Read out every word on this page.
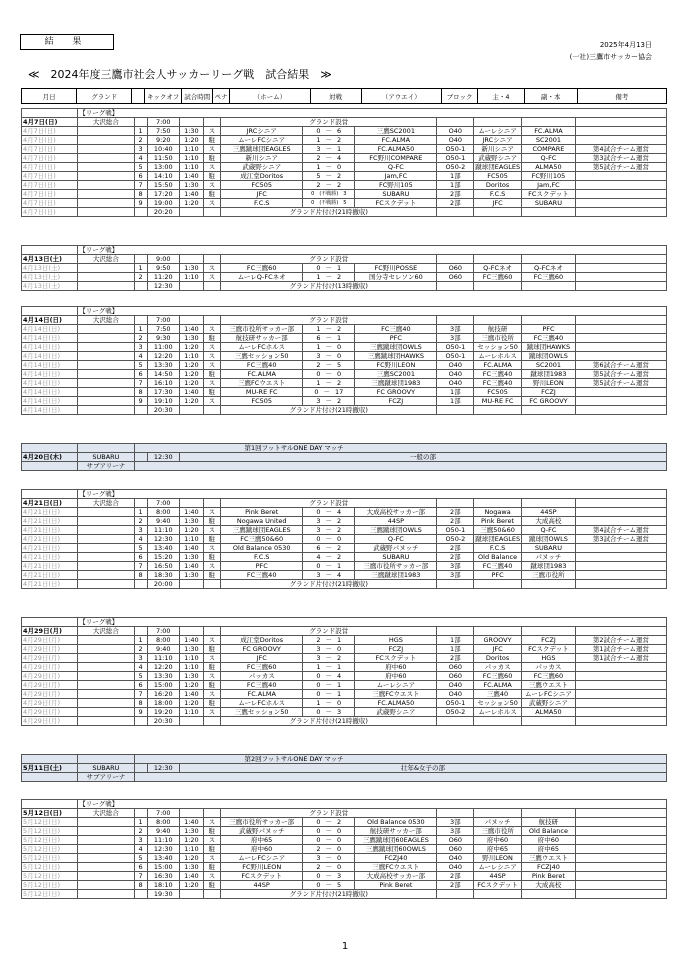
結 果	2025年4月13日
(一社)三鷹市サッカー協会
≪　2024年度三鷹市社会人サッカーリーグ戦　試合結果　≫
月日	グランド		キックオフ	試合時間	ペナ	（ホーム）	対戦	（アウエイ）	ブロック	主・4	副・本	備考
	【リーグ戦】											
4月7日(日)	大沢総合		7:00			グランド設営						
4月7日(日)		1	7:50	1:30	ス	JRCシニア	0 － 6	三鷹SC2001	O40	ムーレシニア	FC.ALMA	
4月7日(日)		2	9:20	1:20	駐	ムーレFCシニア	1 － 2	FC.ALMA	O40	JRCシニア	SC2001	
4月7日(日)		3	10:40	1:10	ス	三鷹蹴球団EAGLES	3 － 1	FC.ALMA50	O50-1	新川シニア	COMPARE	第4試合チーム運営
4月7日(日)		4	11:50	1:10	駐	新川シニア	2 － 4	FC野川COMPARE	O50-1	武蔵野シニア	Q-FC	第3試合チーム運営
4月7日(日)		5	13:00	1:10	ス	武蔵野シニア	1 － 0	Q-FC	O50-2	蹴球団EAGLES	ALMA50	第5試合チーム運営
4月7日(日)		6	14:10	1:40	駐	成江堂Doritos	5 － 2	Jam,FC	1部	FC505	FC野川105	
4月7日(日)		7	15:50	1:30	ス	FC505	2 － 2	FC野川105	1部	Doritos	Jam,FC	
4月7日(日)		8	17:20	1:40	駐	JFC	0 (不戦勝) 3	SUBARU	2部	F.C.S	FCスクデット	
4月7日(日)		9	19:00	1:20	ス	F.C.S	0 (不戦勝) 5	FCスクデット	2部	JFC	SUBARU	
4月7日(日)			20:20			グランド片付け(21時撤収)						
	【リーグ戦】											
4月13日(土)	大沢総合		9:00			グランド設営						
4月13日(土)		1	9:50	1:30	ス	FC三鷹60	0 － 1	FC野川POSSE	O60	Q-FCネオ	Q-FCネオ	
4月13日(土)		2	11:20	1:10	ス	ムーレQ-FCネオ	1 － 2	国分寺セレソン60	O60	FC三鷹60	FC三鷹60	
4月13日(土)			12:30			グランド片付け(13時撤収)						
	【リーグ戦】											
4月14日(日)	大沢総合		7:00			グランド設営						
4月14日(日)		1	7:50	1:40	ス	三鷹市役所サッカー部	1 － 2	FC三鷹40	3部	航技研	PFC	
4月14日(日)		2	9:30	1:30	駐	航技研サッカー部	6 － 1	PFC	3部	三鷹市役所	FC三鷹40	
4月14日(日)		3	11:00	1:20	ス	ムーレFCホルス	1 － 0	三鷹蹴球団OWLS	O50-1	セッション50	蹴球団HAWKS	
4月14日(日)		4	12:20	1:10	ス	三鷹セッション50	3 － 0	三鷹蹴球団HAWKS	O50-1	ムーレホルス	蹴球団OWLS	
4月14日(日)		5	13:30	1:20	ス	FC三鷹40	2 － 5	FC野川LEON	O40	FC.ALMA	SC2001	第6試合チーム運営
4月14日(日)		6	14:50	1:20	駐	FC.ALMA	0 － 0	三鷹SC2001	O40	FC三鷹40	蹴球団1983	第5試合チーム運営
4月14日(日)		7	16:10	1:20	ス	三鷹FCウエスト	1 － 2	三鷹蹴球団1983	O40	FC三鷹40	野川LEON	第5試合チーム運営
4月14日(日)		8	17:30	1:40	駐	MU-RE FC	0 － 17	FC GROOVY	1部	FC505	FCZJ	
4月14日(日)		9	19:10	1:20	ス	FC505	3 － 2	FCZJ	1部	MU-RE FC	FC GROOVY	
4月14日(日)			20:30			グランド片付け(21時撤収)						
		第1回フットサルONE DAY マッチ		
4月20日(木)	SUBARU		12:30	一般の部
	サブアリーナ			
	【リーグ戦】											
4月21日(日)	大沢総合		7:00			グランド設営						
4月21日(日)		1	8:00	1:40	ス	Pink Beret	0 － 4	大成高校サッカー部	2部	Nogawa	44SP	
4月21日(日)		2	9:40	1:30	駐	Nogawa United	3 － 2	44SP	2部	Pink Beret	大成高校	
4月21日(日)		3	11:10	1:20	ス	三鷹蹴球団EAGLES	3 － 2	三鷹蹴球団OWLS	O50-1	三鷹50&60	Q-FC	第4試合チーム運営
4月21日(日)		4	12:30	1:10	駐	FC三鷹50&60	0 － 0	Q-FC	O50-2	蹴球団EAGLES	蹴球団OWLS	第3試合チーム運営
4月21日(日)		5	13:40	1:40	ス	Old Balance 0530	6 － 2	武蔵野パヌッチ	2部	F.C.S	SUBARU	
4月21日(日)		6	15:20	1:30	駐	F.C.S	4 － 2	SUBARU	2部	Old Balance	パヌッチ	
4月21日(日)		7	16:50	1:40	ス	PFC	0 － 1	三鷹市役所サッカー部	3部	FC三鷹40	蹴球団1983	
4月21日(日)		8	18:30	1:30	駐	FC三鷹40	3 － 4	三鷹蹴球団1983	3部	PFC	三鷹市役所	
4月21日(日)			20:00			グランド片付け(21時撤収)						
	【リーグ戦】											
4月29日(月)	大沢総合		7:00			グランド設営						
4月29日(月)		1	8:00	1:40	ス	成江堂Doritos	2 － 1	HGS	1部	GROOVY	FCZJ	第2試合チーム運営
4月29日(月)		2	9:40	1:30	駐	FC GROOVY	3 － 0	FCZJ	1部	JFC	FCスクデット	第1試合チーム運営
4月29日(月)		3	11:10	1:10	ス	JFC	3 － 2	FCスクデット	2部	Doritos	HGS	第1試合チーム運営
4月29日(月)		4	12:20	1:10	駐	FC三鷹60	1 － 1	府中60	O60	パッカス	パッカス	
4月29日(月)		5	13:30	1:30	ス	パッカス	0 － 4	府中60	O60	FC三鷹60	FC三鷹60	
4月29日(月)		6	15:00	1:20	駐	FC三鷹40	0 － 1	ムーレシニア	O40	FC.ALMA	三鷹ウエスト	
4月29日(月)		7	16:20	1:40	ス	FC.ALMA	0 － 1	三鷹FCウエスト	O40	三鷹40	ムーレFCシニア	
4月29日(月)		8	18:00	1:20	駐	ムーレFCホルス	1 － 0	FC.ALMA50	O50-1	セッション50	武蔵野シニア	
4月29日(月)		9	19:20	1:10	ス	三鷹セッション50	0 － 3	武蔵野シニア	O50-2	ムーレホルス	ALMA50	
4月29日(月)			20:30			グランド片付け(21時撤収)						
		第2回フットサルONE DAY マッチ		
5月11日(土)	SUBARU		12:30	壮年&女子の部
	サブアリーナ			
	【リーグ戦】											
5月12日(日)	大沢総合		7:00			グランド設営						
5月12日(日)		1	8:00	1:40	ス	三鷹市役所サッカー部	0 － 2	Old Balance 0530	3部	パヌッチ	航技研	
5月12日(日)		2	9:40	1:30	駐	武蔵野パヌッチ	0 － 0	航技研サッカー部	3部	三鷹市役所	Old Balance	
5月12日(日)		3	11:10	1:20	ス	府中65	0 － 0	三鷹蹴球団60EAGLES	O60	府中60	府中60	
5月12日(日)		4	12:30	1:10	駐	府中60	2 － 0	三鷹蹴球団60OWLS	O60	府中65	府中65	
5月12日(日)		5	13:40	1:20	ス	ムーレFCシニア	3 － 0	FCZJ40	O40	野川LEON	三鷹ウエスト	
5月12日(日)		6	15:00	1:30	駐	FC野川LEON	2 － 0	三鷹FCウエスト	O40	ムーレシニア	FCZJ40	
5月12日(日)		7	16:30	1:40	ス	FCスクデット	0 － 3	大成高校サッカー部	2部	44SP	Pink Beret	
5月12日(日)		8	18:10	1:20	駐	44SP	0 － 5	Pink Beret	2部	FCスクデット	大成高校	
5月12日(日)			19:30			グランド片付け(21時撤収)						
1
